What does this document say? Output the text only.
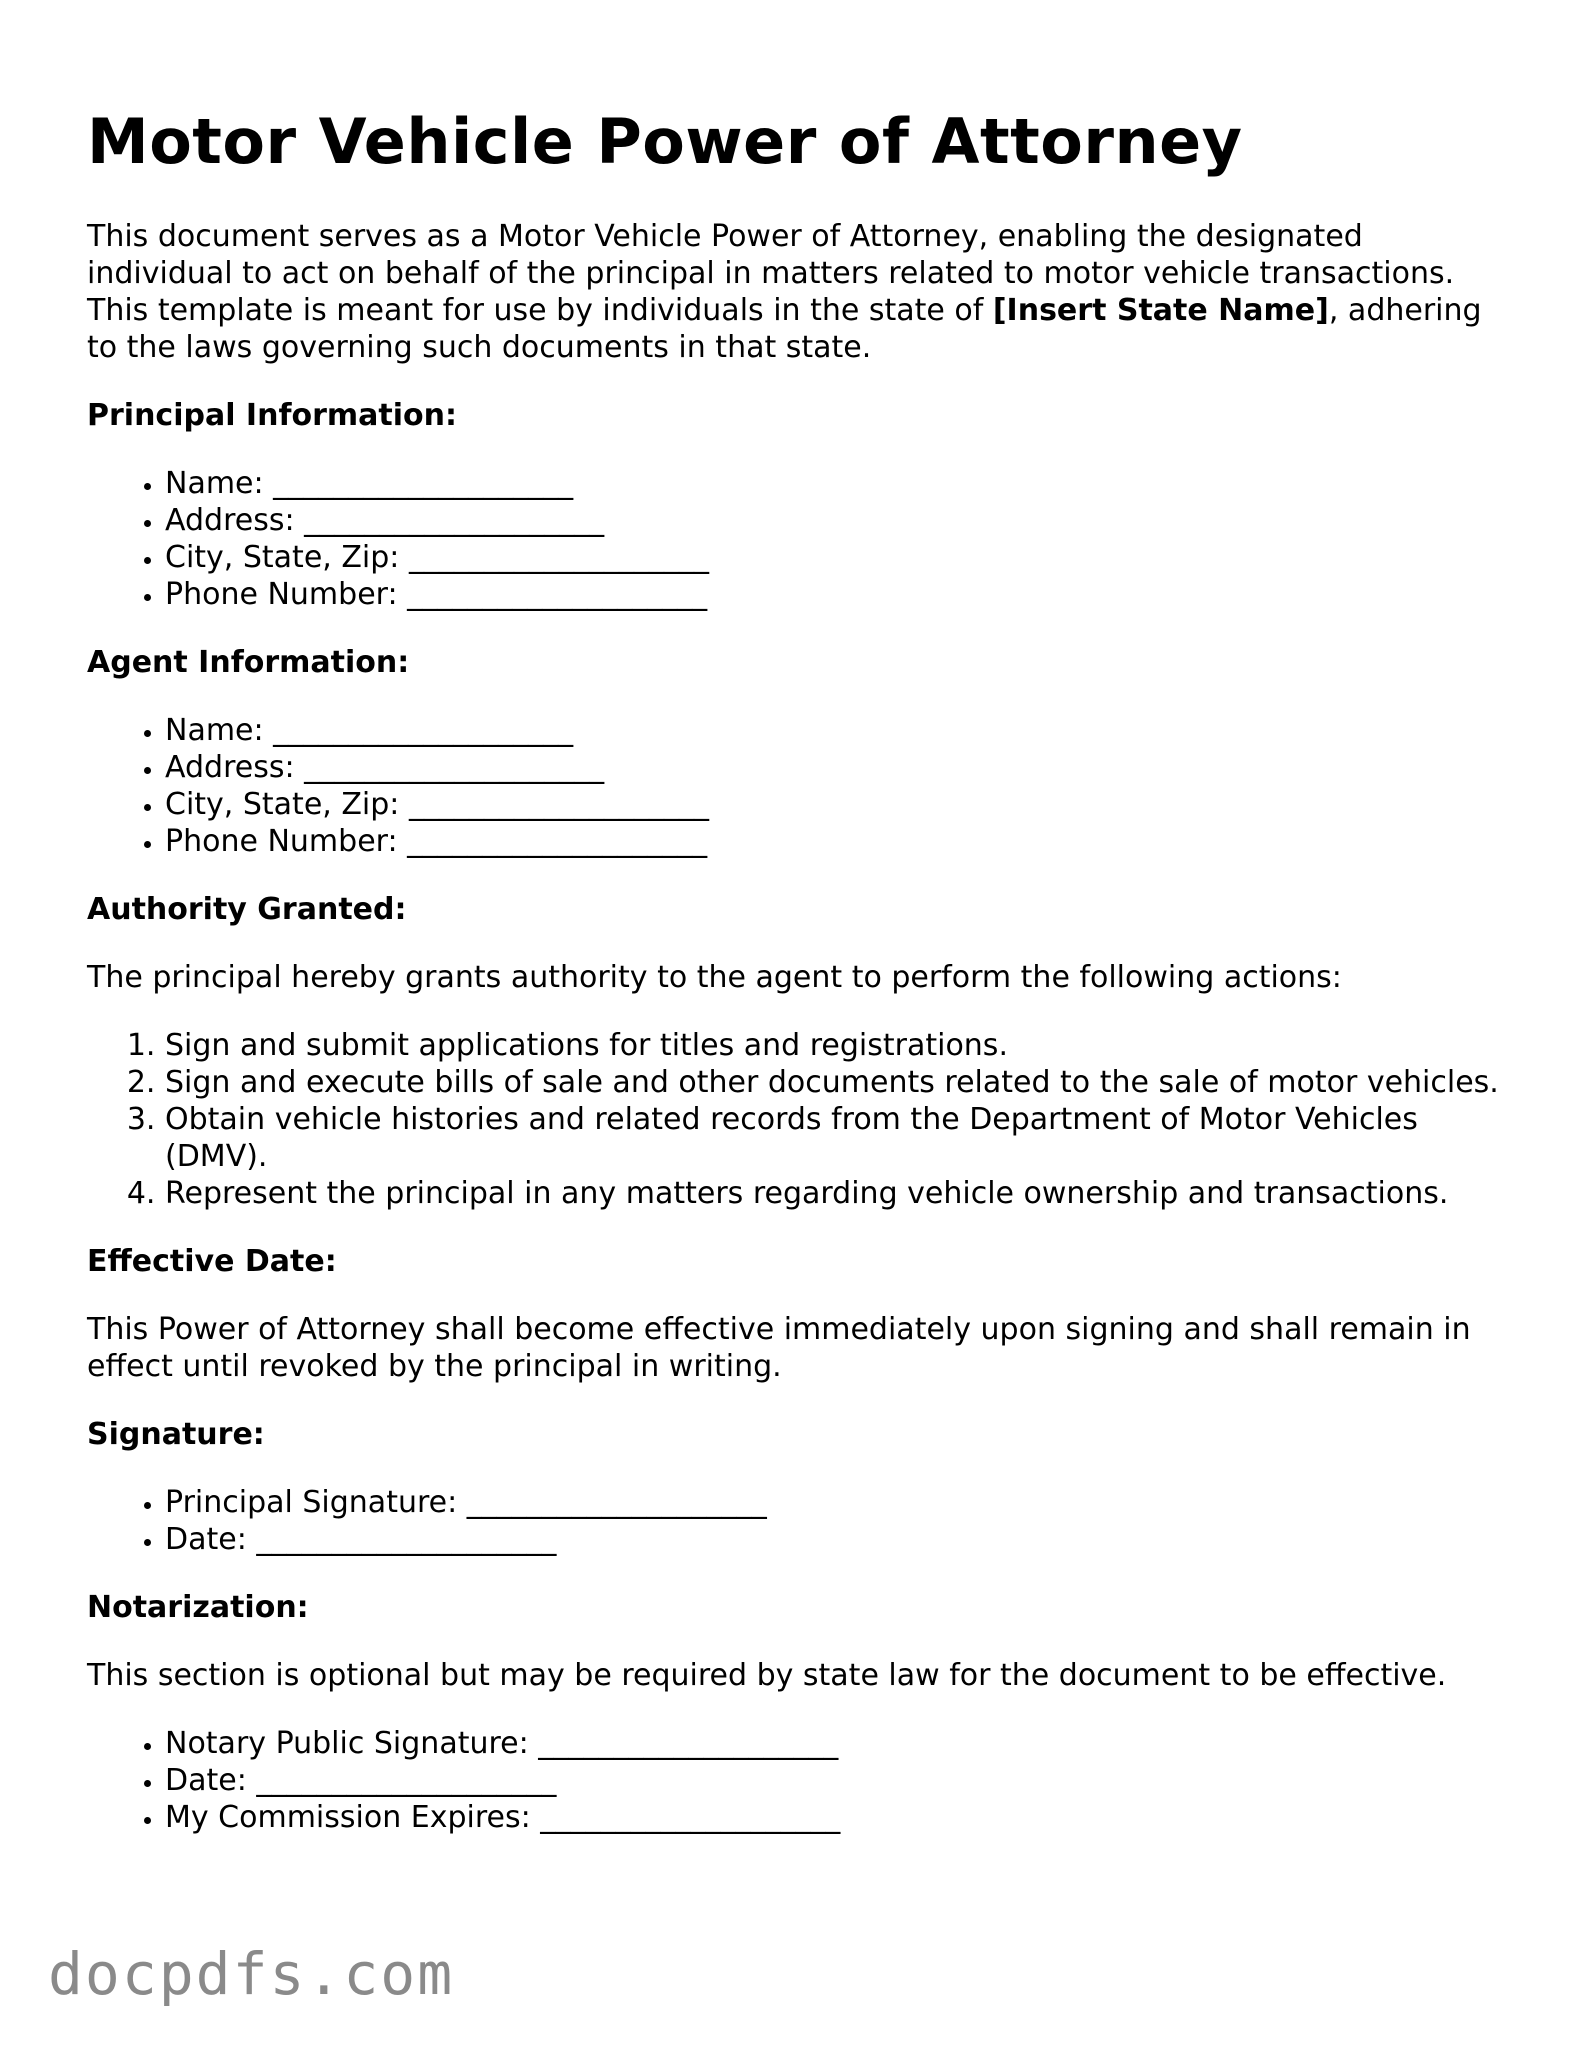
Motor Vehicle Power of Attorney

This document serves as a Motor Vehicle Power of Attorney, enabling the designated individual to act on behalf of the principal in matters related to motor vehicle transactions. This template is meant for use by individuals in the state of [Insert State Name], adhering to the laws governing such documents in that state.

Principal Information:
• Name: ____________________
• Address: ____________________
• City, State, Zip: ____________________
• Phone Number: ____________________
Agent Information:
• Name: ____________________
• Address: ____________________
• City, State, Zip: ____________________
• Phone Number: ____________________
Authority Granted:

The principal hereby grants authority to the agent to perform the following actions:

1. Sign and submit applications for titles and registrations.
2. Sign and execute bills of sale and other documents related to the sale of motor vehicles.
3. Obtain vehicle histories and related records from the Department of Motor Vehicles (DMV).
4. Represent the principal in any matters regarding vehicle ownership and transactions.
Effective Date:

This Power of Attorney shall become effective immediately upon signing and shall remain in effect until revoked by the principal in writing.

Signature:
• Principal Signature: ____________________
• Date: ____________________
Notarization:

This section is optional but may be required by state law for the document to be effective.

• Notary Public Signature: ____________________
• Date: ____________________
• My Commission Expires: ____________________
docpdfs.com
